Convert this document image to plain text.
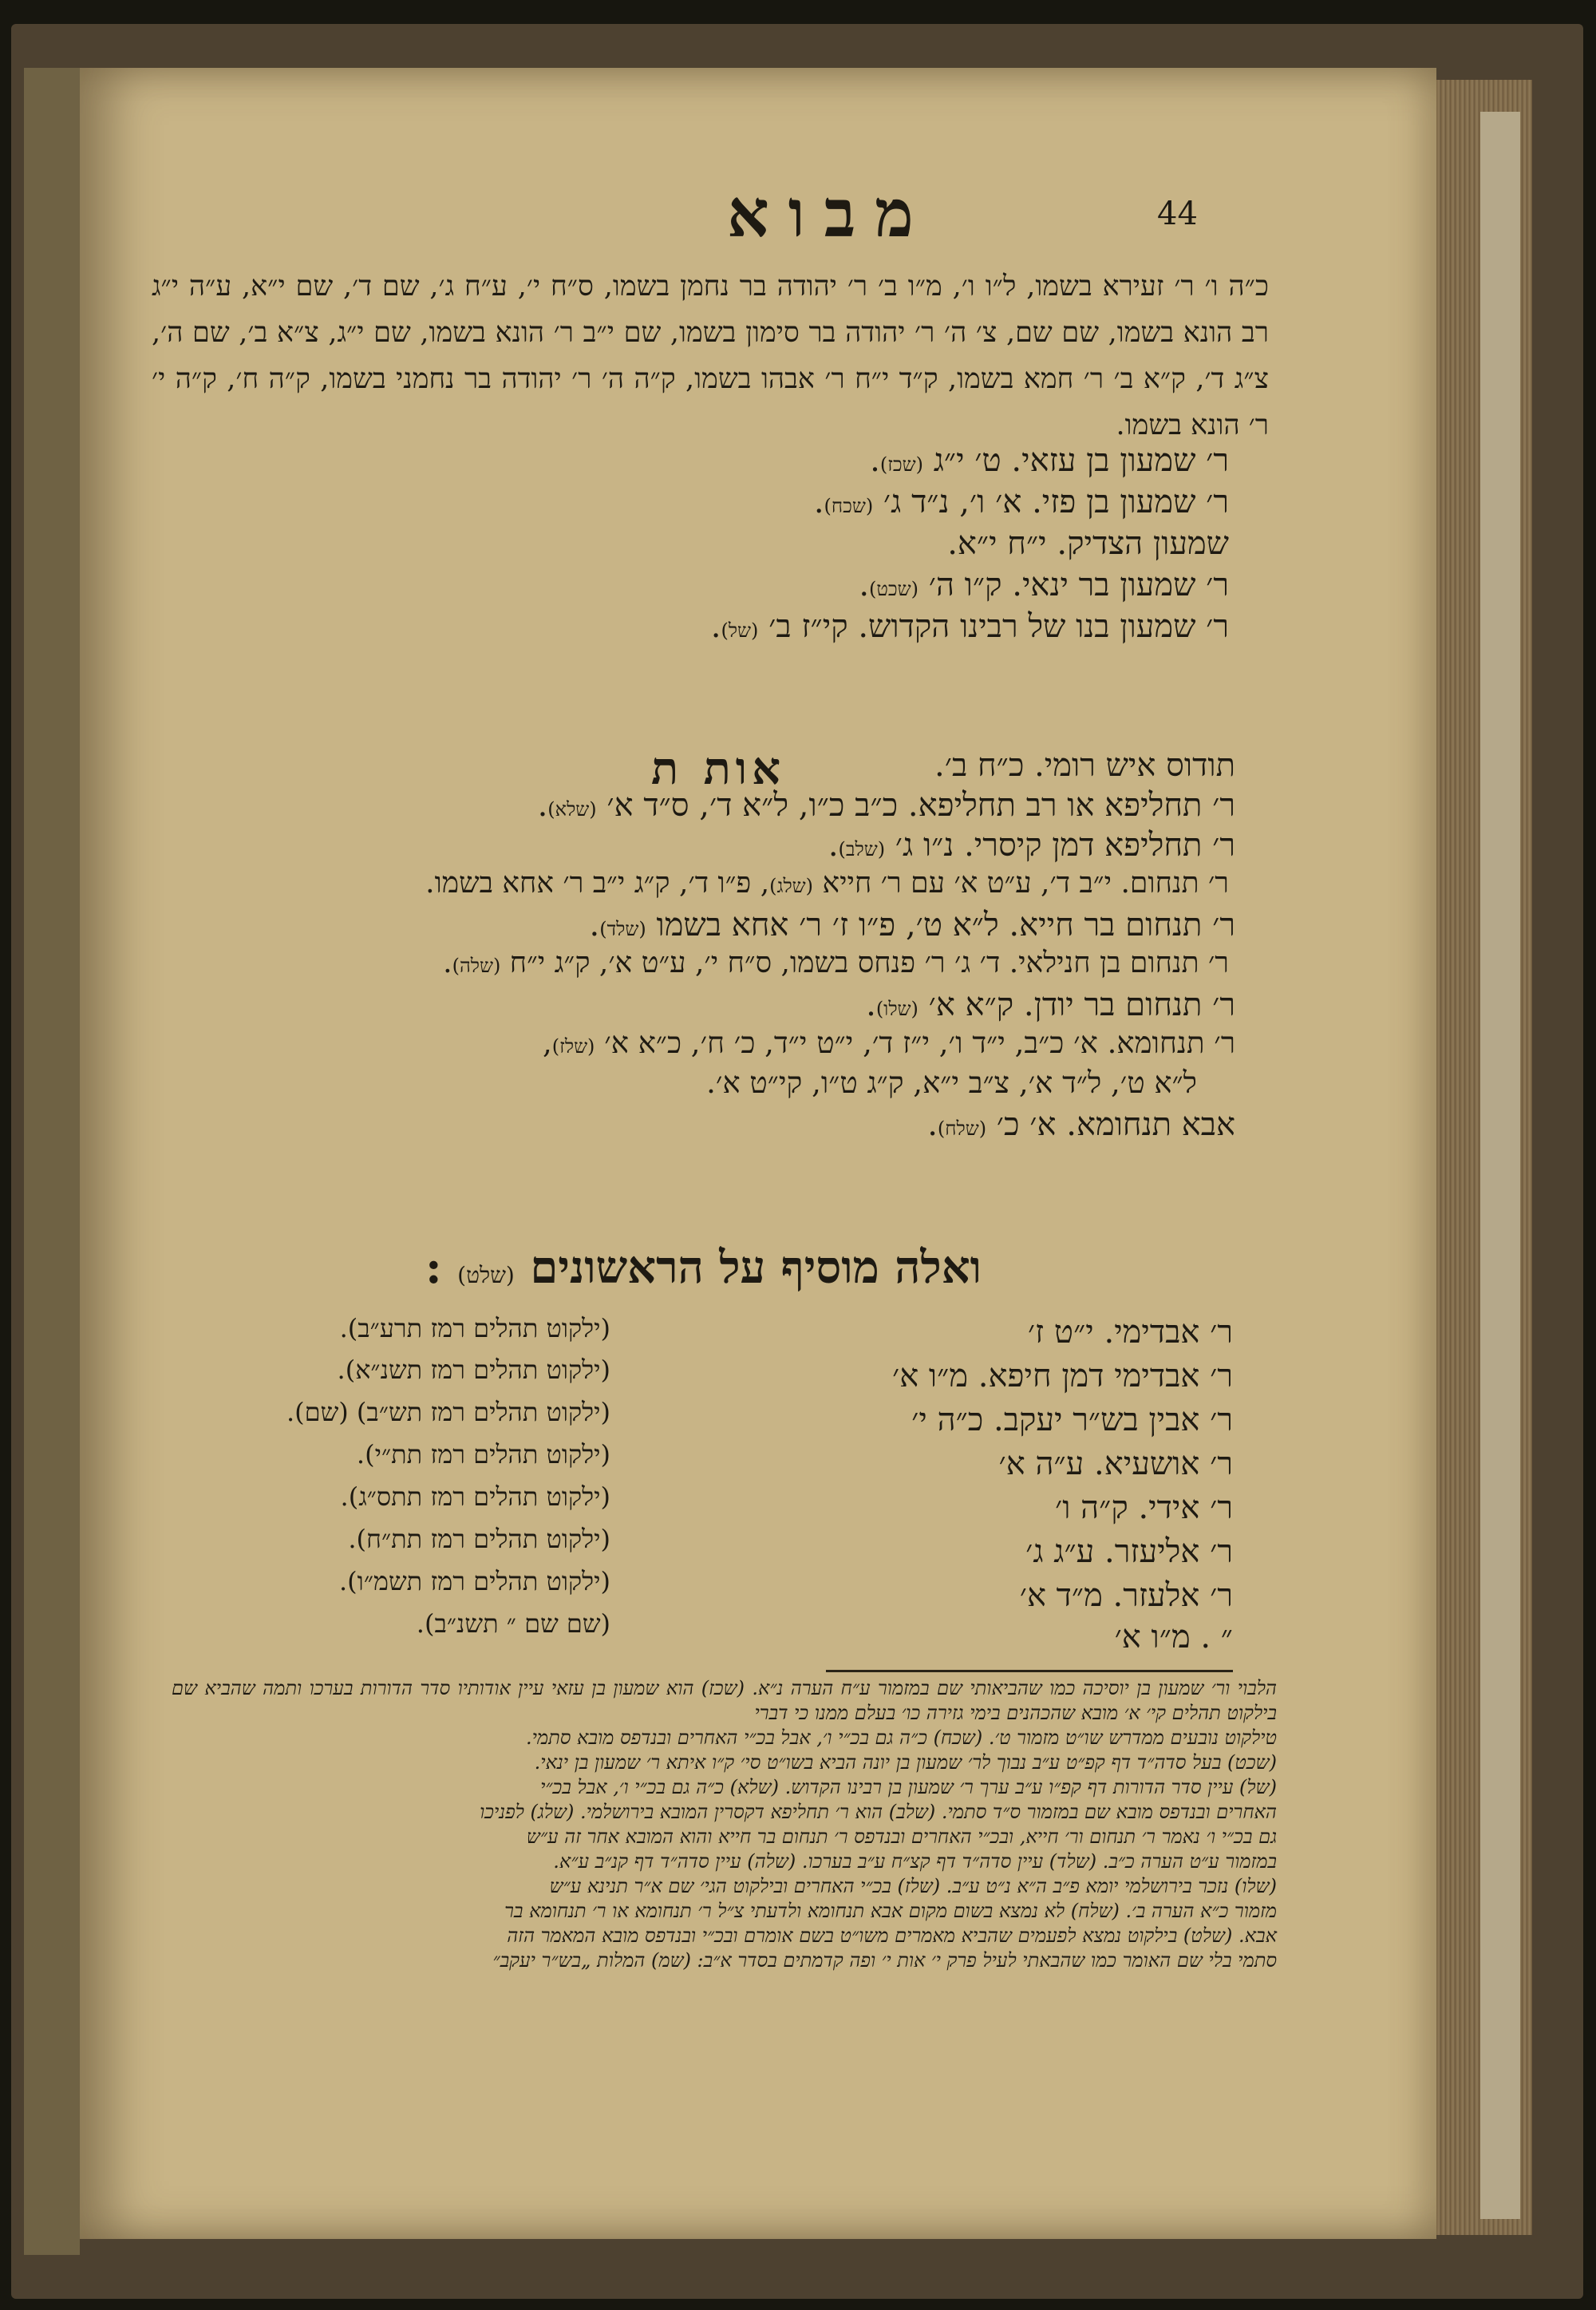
44
מבוא
כ״ה ו׳ ר׳ זעירא בשמו, ל״ו ו׳, מ״ו ב׳ ר׳ יהודה בר נחמן בשמו, ס״ח י׳, ע״ח ג׳, שם ד׳, שם י״א, ע״ה י״ג רב הונא בשמו, שם שם, צ׳ ה׳ ר׳ יהודה בר סימון בשמו, שם י״ב ר׳ הונא בשמו, שם י״ג, צ״א ב׳, שם ה׳, צ״ג ד׳, ק״א ב׳ ר׳ חמא בשמו, ק״ד י״ח ר׳ אבהו בשמו, ק״ה ה׳ ר׳ יהודה בר נחמני בשמו, ק״ה ח׳, ק״ה י׳ ר׳ הונא בשמו.
ר׳ שמעון בן עזאי. ט׳ י״ג (שכז).
ר׳ שמעון בן פזי. א׳ ו׳, נ״ד ג׳ (שכח).
שמעון הצדיק. י״ח י״א.
ר׳ שמעון בר ינאי. ק״ו ה׳ (שכט).
ר׳ שמעון בנו של רבינו הקדוש. קי״ז ב׳ (של).
אות ת	תודוס איש רומי. כ״ח ב׳.
ר׳ תחליפא או רב תחליפא. כ״ב כ״ו, ל״א ד׳, ס״ד א׳ (שלא).
ר׳ תחליפא דמן קיסרי. נ״ו ג׳ (שלב).
ר׳ תנחום. י״ב ד׳, ע״ט א׳ עם ר׳ חייא (שלג), פ״ו ד׳, ק״ג י״ב ר׳ אחא בשמו.
ר׳ תנחום בר חייא. ל״א ט׳, פ״ו ז׳ ר׳ אחא בשמו (שלד).
ר׳ תנחום בן חנילאי. ד׳ ג׳ ר׳ פנחס בשמו, ס״ח י׳, ע״ט א׳, ק״ג י״ח (שלה).
ר׳ תנחום בר יודן. ק״א א׳ (שלו).
ר׳ תנחומא. א׳ כ״ב, י״ד ו׳, י״ז ד׳, י״ט י״ד, כ׳ ח׳, כ״א א׳ (שלז),
ל״א ט׳, ל״ד א׳, צ״ב י״א, ק״ג ט״ו, קי״ט א׳.
אבא תנחומא. א׳ כ׳ (שלח).
ואלה מוסיף על הראשונים (שלט) :
ר׳ אבדימי. י״ט ז׳
(ילקוט תהלים רמז תרע״ב).
ר׳ אבדימי דמן חיפא. מ״ו א׳
(ילקוט תהלים רמז תשנ״א).
ר׳ אבין בש״ר יעקב. כ״ה י׳
(ילקוט תהלים רמז תש״ב) (שם).
ר׳ אושעיא. ע״ה א׳
(ילקוט תהלים רמז תת״י).
ר׳ אידי. ק״ה ו׳
(ילקוט תהלים רמז תתס״ג).
ר׳ אליעזר. ע״ג ג׳
(ילקוט תהלים רמז תת״ח).
ר׳ אלעזר. מ״ד א׳
(ילקוט תהלים רמז תשמ״ו).
״ . מ״ו א׳
(שם שם ״ תשנ״ב).

הלבוי ור׳ שמעון בן יוסיכה כמו שהביאותי שם במזמור ע״ח הערה נ״א. (שכז) הוא שמעון בן עזאי עיין אודותיו סדר הדורות בערכו ותמה שהביא שם בילקוט תהלים קי׳ א׳ מובא שהכהנים בימי גזירה כו׳ בעלם ממנו כי דברי

טילקוט נובעים ממדרש שו״ט מזמור ט׳. (שכח) כ״ה גם בכ״י ו׳, אבל בכ״י האחרים ובנדפס מובא סתמי.

(שכט) בעל סדה״ד דף קפ״ט ע״ב נבוך לר׳ שמעון בן יונה הביא בשו״ט סי׳ ק״ו איתא ר׳ שמעון בן ינאי.

(של) עיין סדר הדורות דף קפ״ו ע״ב ערך ר׳ שמעון בן רבינו הקדוש. (שלא) כ״ה גם בכ״י ו׳, אבל בכ״י

האחרים ובנדפס מובא שם במזמור ס״ד סתמי. (שלב) הוא ר׳ תחליפא דקסרין המובא בירושלמי. (שלג) לפניכו

גם בכ״י ו׳ נאמר ר׳ תנחום ור׳ חייא, ובכ״י האחרים ובנדפס ר׳ תנחום בר חייא והוא המובא אחר זה ע״ש

במזמור ע״ט הערה כ״ב. (שלד) עיין סדה״ד דף קצ״ח ע״ב בערכו. (שלה) עיין סדה״ד דף קנ״ב ע״א.

(שלו) נזכר בירושלמי יומא פ״ב ה״א נ״ט ע״ב. (שלז) בכ״י האחרים ובילקוט הגי׳ שם א״ר תנינא ע״ש

מזמור כ״א הערה ב׳. (שלח) לא נמצא בשום מקום אבא תנחומא ולדעתי צ״ל ר׳ תנחומא או ר׳ תנחומא בר

אבא. (שלט) בילקוט נמצא לפעמים שהביא מאמרים משו״ט בשם אומרם ובכ״י ובנדפס מובא המאמר הזה

סתמי בלי שם האומר כמו שהבאתי לעיל פרק י׳ אות י׳ ופה קדמתים בסדר א״ב: (שמ) המלות „בש״ר יעקב״
